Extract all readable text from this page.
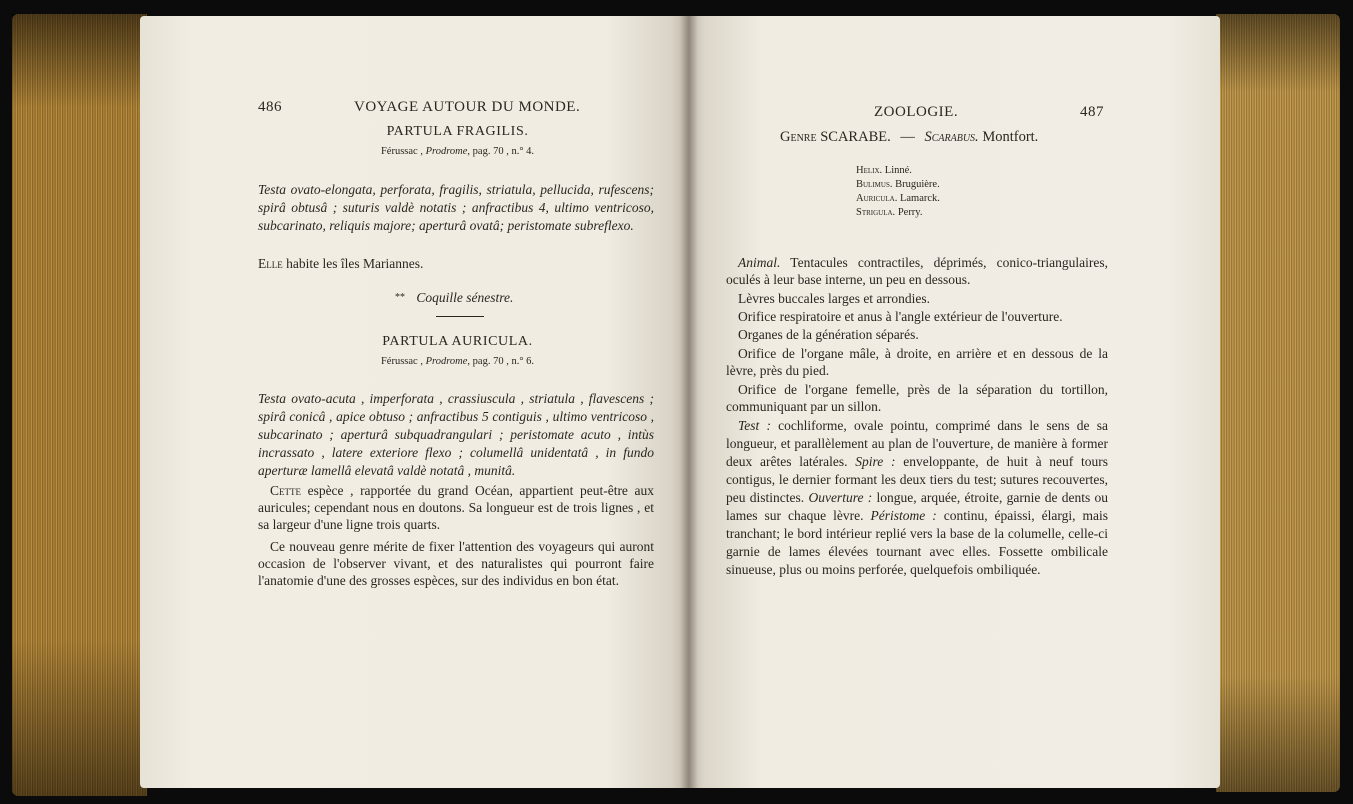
486	VOYAGE AUTOUR DU MONDE.
PARTULA FRAGILIS.
Férussac , Prodrome, pag. 70 , n.° 4.
Testa ovato-elongata, perforata, fragilis, striatula, pellucida, rufescens; spirâ obtusâ ; suturis valdè notatis ; anfractibus 4, ultimo ventricoso, subcarinato, reliquis majore; aperturâ ovatâ; peristomate subreflexo.
Elle habite les îles Mariannes.
** Coquille sénestre.
PARTULA AURICULA.
Férussac , Prodrome, pag. 70 , n.° 6.
Testa ovato-acuta , imperforata , crassiuscula , striatula , flavescens ; spirâ conicâ , apice obtuso ; anfractibus 5 contiguis , ultimo ventricoso , subcarinato ; aperturâ subquadrangulari ; peristomate acuto , intùs incrassato , latere exteriore flexo ; columellâ unidentatâ , in fundo aperturæ lamellâ elevatâ valdè notatâ , munitâ.
Cette espèce , rapportée du grand Océan, appartient peut-être aux auricules; cependant nous en doutons. Sa longueur est de trois lignes , et sa largeur d'une ligne trois quarts.
Ce nouveau genre mérite de fixer l'attention des voyageurs qui auront occasion de l'observer vivant, et des naturalistes qui pourront faire l'anatomie d'une des grosses espèces, sur des individus en bon état.
ZOOLOGIE.	487
Genre SCARABE. — Scarabus. Montfort.
Helix. Linné.
Bulimus. Bruguière.
Auricula. Lamarck.
Strigula. Perry.
Animal. Tentacules contractiles, déprimés, conico-triangulaires, oculés à leur base interne, un peu en dessous.
Lèvres buccales larges et arrondies.
Orifice respiratoire et anus à l'angle extérieur de l'ouverture.
Organes de la génération séparés.
Orifice de l'organe mâle, à droite, en arrière et en dessous de la lèvre, près du pied.
Orifice de l'organe femelle, près de la séparation du tortillon, communiquant par un sillon.
Test : cochliforme, ovale pointu, comprimé dans le sens de sa longueur, et parallèlement au plan de l'ouverture, de manière à former deux arêtes latérales. Spire : enveloppante, de huit à neuf tours contigus, le dernier formant les deux tiers du test; sutures recouvertes, peu distinctes. Ouverture : longue, arquée, étroite, garnie de dents ou lames sur chaque lèvre. Péristome : continu, épaissi, élargi, mais tranchant; le bord intérieur replié vers la base de la columelle, celle-ci garnie de lames élevées tournant avec elles. Fossette ombilicale sinueuse, plus ou moins perforée, quelquefois ombiliquée.
